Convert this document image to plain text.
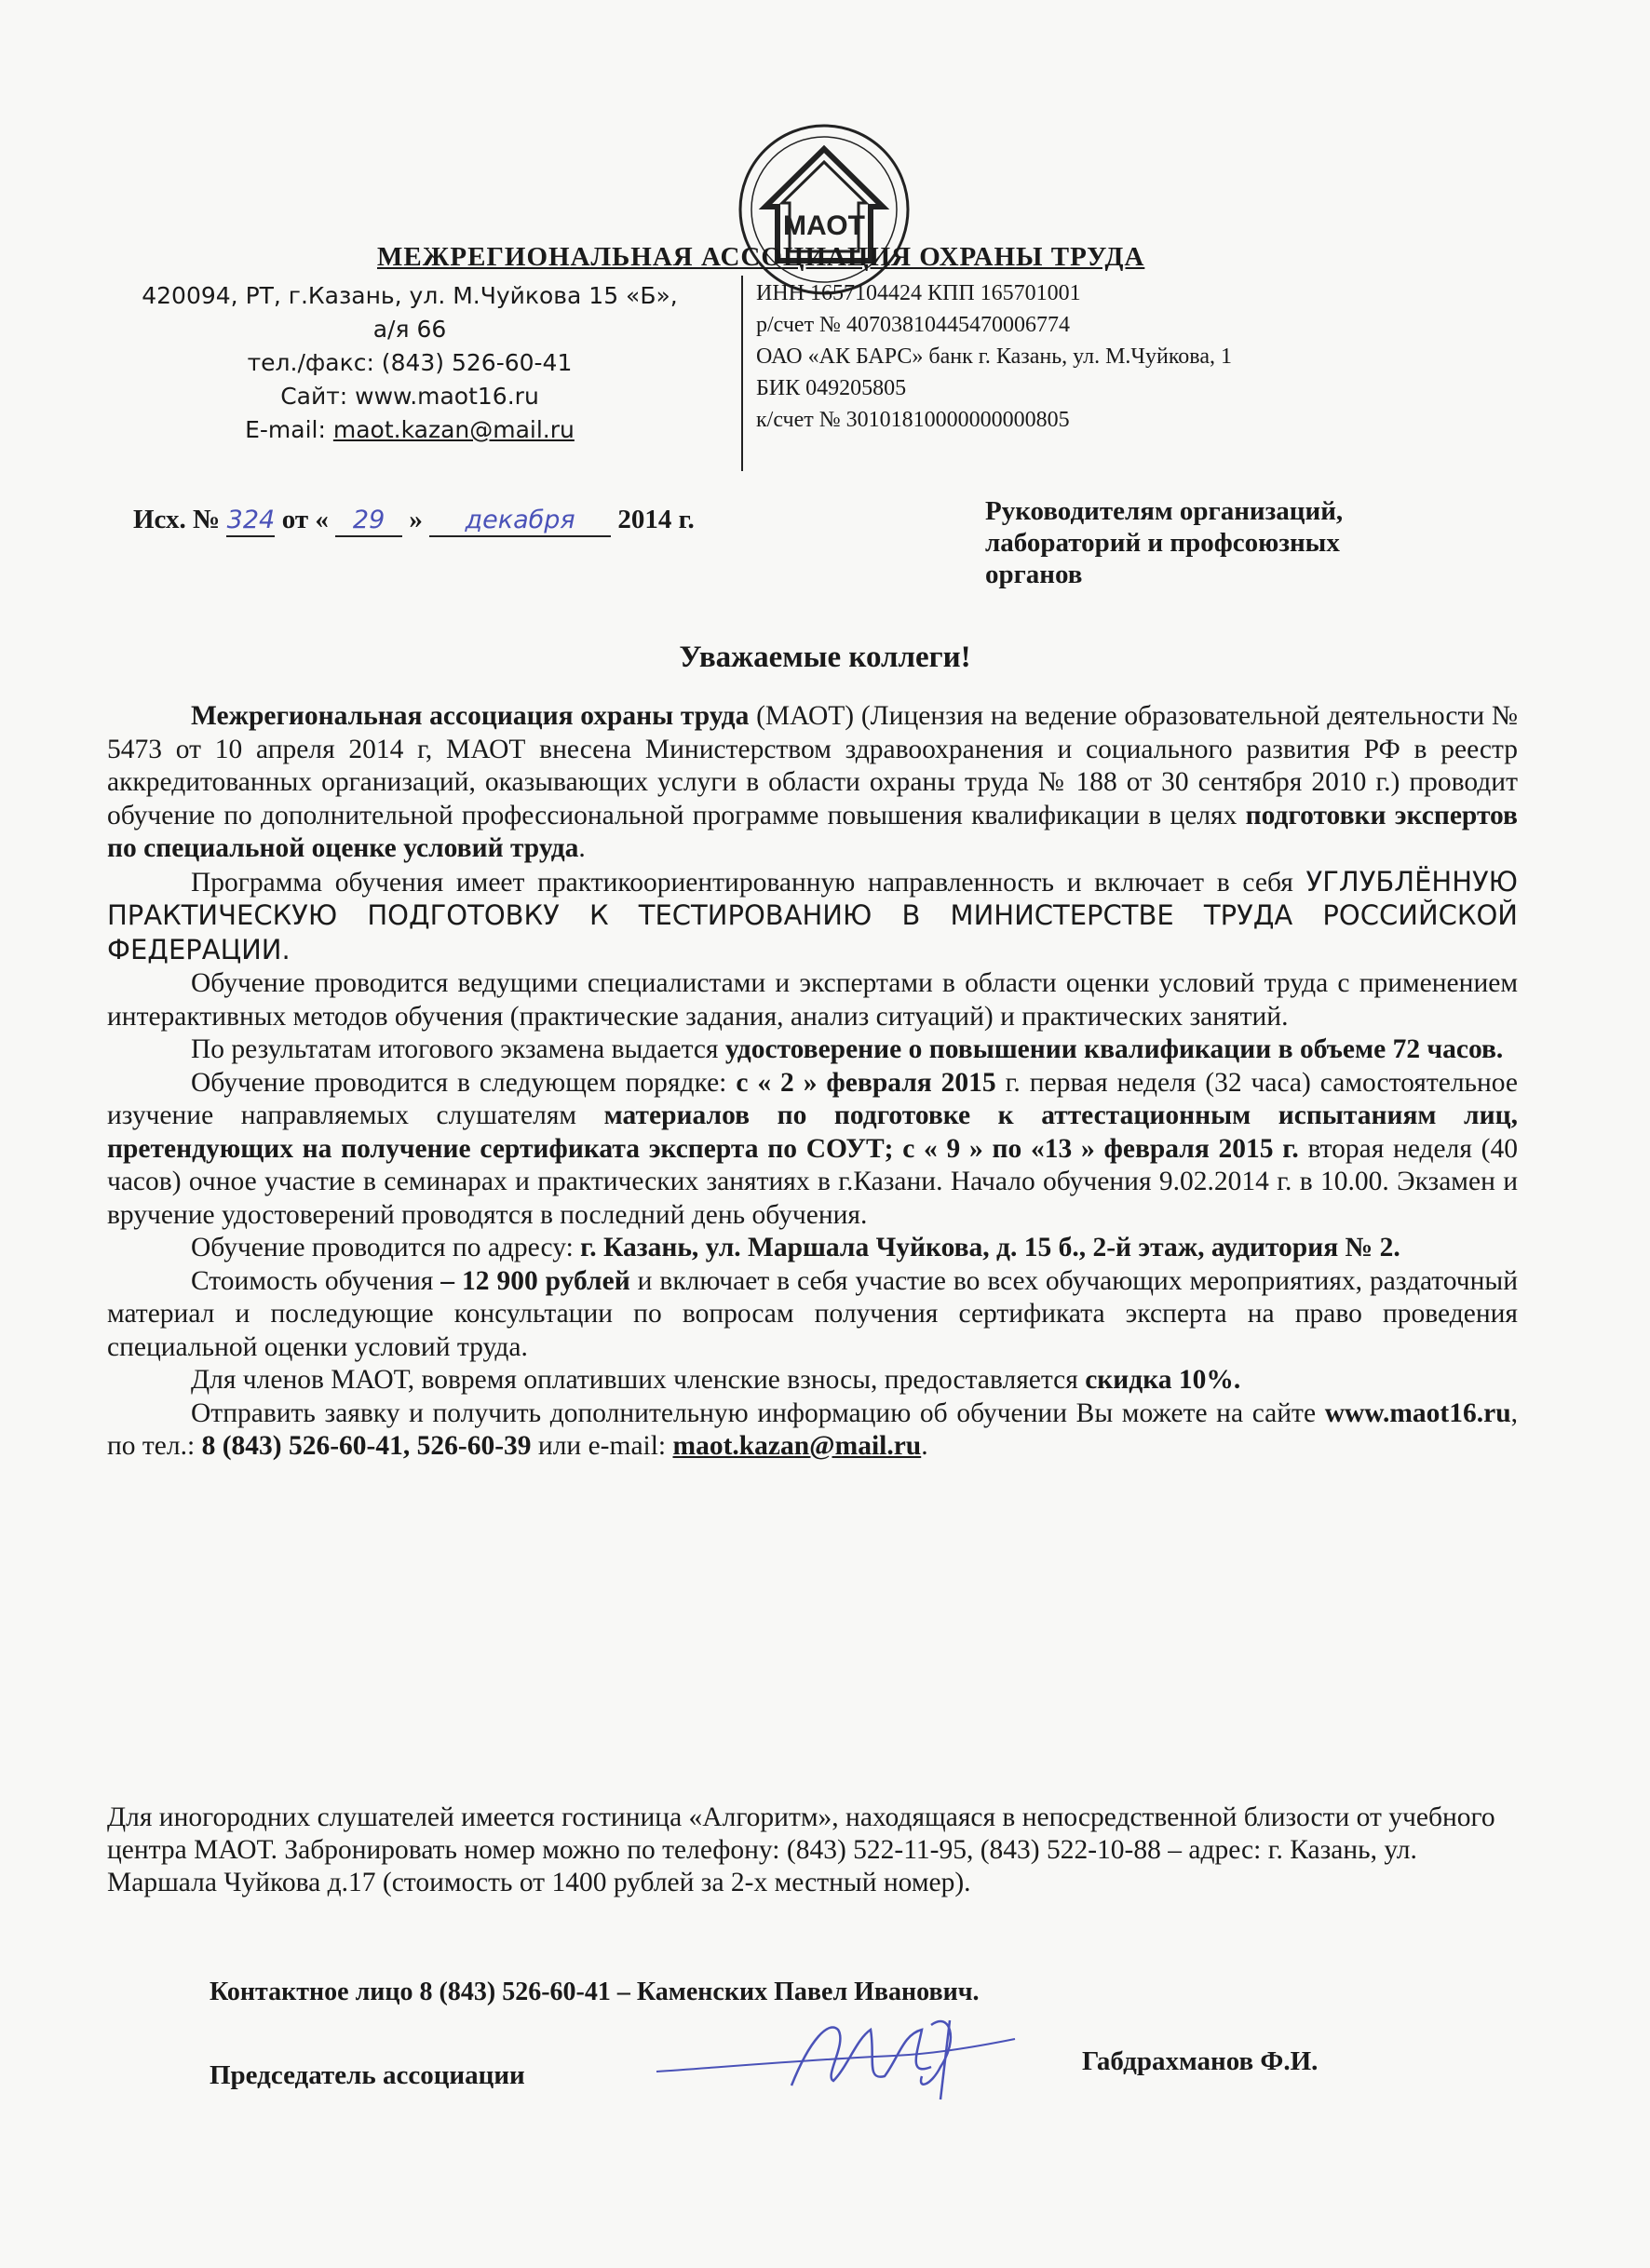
МАОТ
МЕЖРЕГИОНАЛЬНАЯ АССОЦИАЦИЯ ОХРАНЫ ТРУДА
420094, РТ, г.Казань, ул. М.Чуйкова 15 «Б»,
а/я 66
тел./факс: (843) 526-60-41
Сайт: www.maot16.ru
E-mail: maot.kazan@mail.ru
ИНН 1657104424 КПП 165701001
р/счет № 40703810445470006774
ОАО «АК БАРС» банк г. Казань, ул. М.Чуйкова, 1
БИК 049205805
к/счет № 30101810000000000805
Исх. № 324 от « 29 » декабря 2014 г.	Руководителям организаций,
лабораторий и профсоюзных
органов
Уважаемые коллеги!

Межрегиональная ассоциация охраны труда (МАОТ) (Лицензия на ведение образовательной деятельности № 5473 от 10 апреля 2014 г, МАОТ внесена Министерством здравоохранения и социального развития РФ в реестр аккредитованных организаций, оказывающих услуги в области охраны труда № 188 от 30 сентября 2010 г.) проводит обучение по дополнительной профессиональной программе повышения квалификации в целях подготовки экспертов по специальной оценке условий труда.

Программа обучения имеет практикоориентированную направленность и включает в себя УГЛУБЛЁННУЮ ПРАКТИЧЕСКУЮ ПОДГОТОВКУ К ТЕСТИРОВАНИЮ В МИНИСТЕРСТВЕ ТРУДА РОССИЙСКОЙ ФЕДЕРАЦИИ.

Обучение проводится ведущими специалистами и экспертами в области оценки условий труда с применением интерактивных методов обучения (практические задания, анализ ситуаций) и практических занятий.

По результатам итогового экзамена выдается удостоверение о повышении квалификации в объеме 72 часов.

Обучение проводится в следующем порядке: с « 2 » февраля 2015 г. первая неделя (32 часа) самостоятельное изучение направляемых слушателям материалов по подготовке к аттестационным испытаниям лиц, претендующих на получение сертификата эксперта по СОУТ; с « 9 » по «13 » февраля 2015 г. вторая неделя (40 часов) очное участие в семинарах и практических занятиях в г.Казани. Начало обучения 9.02.2014 г. в 10.00. Экзамен и вручение удостоверений проводятся в последний день обучения.

Обучение проводится по адресу: г. Казань, ул. Маршала Чуйкова, д. 15 б., 2-й этаж, аудитория № 2.

Стоимость обучения – 12 900 рублей и включает в себя участие во всех обучающих мероприятиях, раздаточный материал и последующие консультации по вопросам получения сертификата эксперта на право проведения специальной оценки условий труда.

Для членов МАОТ, вовремя оплативших членские взносы, предоставляется скидка 10%.

Отправить заявку и получить дополнительную информацию об обучении Вы можете на сайте www.maot16.ru, по тел.: 8 (843) 526-60-41, 526-60-39 или e-mail: maot.kazan@mail.ru.

Для иногородних слушателей имеется гостиница «Алгоритм», находящаяся в непосредственной близости от учебного центра МАОТ. Забронировать номер можно по телефону: (843) 522-11-95, (843) 522-10-88 – адрес: г. Казань, ул. Маршала Чуйкова д.17 (стоимость от 1400 рублей за 2-х местный номер).
Контактное лицо 8 (843) 526-60-41 – Каменских Павел Иванович.
Председатель ассоциации	Габдрахманов Ф.И.
